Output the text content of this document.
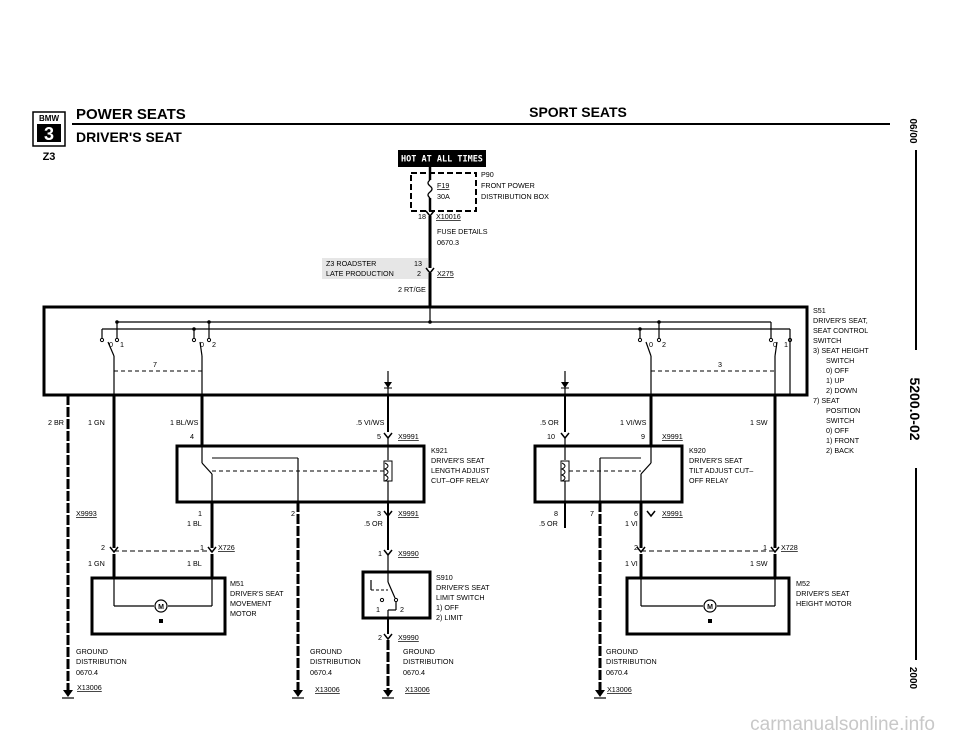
BMW
3
Z3
POWER SEATS
DRIVER'S SEAT
SPORT SEATS
06/00
5200.0-02
2000
HOT AT ALL TIMES
F19
30A
P90
FRONT POWER
DISTRIBUTION BOX
18 X10016
FUSE DETAILS
0670.3
Z3 ROADSTER
LATE PRODUCTION
13
2 X275
2 RT/GE
0 1	0 2
7
0 2	0 1
3
S51
DRIVER'S SEAT,
SEAT CONTROL
SWITCH
3) SEAT HEIGHT
SWITCH
0) OFF
1) UP
2) DOWN
7) SEAT
POSITION
SWITCH
0) OFF
1) FRONT
2) BACK
2 BR	1 GN	1 BL/WS	.5 VI/WS	.5 OR	1 VI/WS	1 SW
5 X9991
4
K921
DRIVER'S SEAT
LENGTH ADJUST
CUT–OFF RELAY
1	2	3 X9991
10	9 X9991
K920
DRIVER'S SEAT
TILT ADJUST CUT–
OFF RELAY
8	7	6	X9991
1 BL	.5 OR	.5 OR	1 VI
X9993
2	1 X726
1 GN	1 BL
2	1 X728
1 VI	1 SW
M
M51
DRIVER'S SEAT
MOVEMENT
MOTOR
M
M52
DRIVER'S SEAT
HEIGHT MOTOR
1 X9990
1	2
S910
DRIVER'S SEAT
LIMIT SWITCH
1) OFF
2) LIMIT
2 X9990
GROUND
DISTRIBUTION
0670.4
X13006
GROUND
DISTRIBUTION
0670.4
X13006
GROUND
DISTRIBUTION
0670.4
X13006
GROUND
DISTRIBUTION
0670.4
X13006
carmanualsonline.info
